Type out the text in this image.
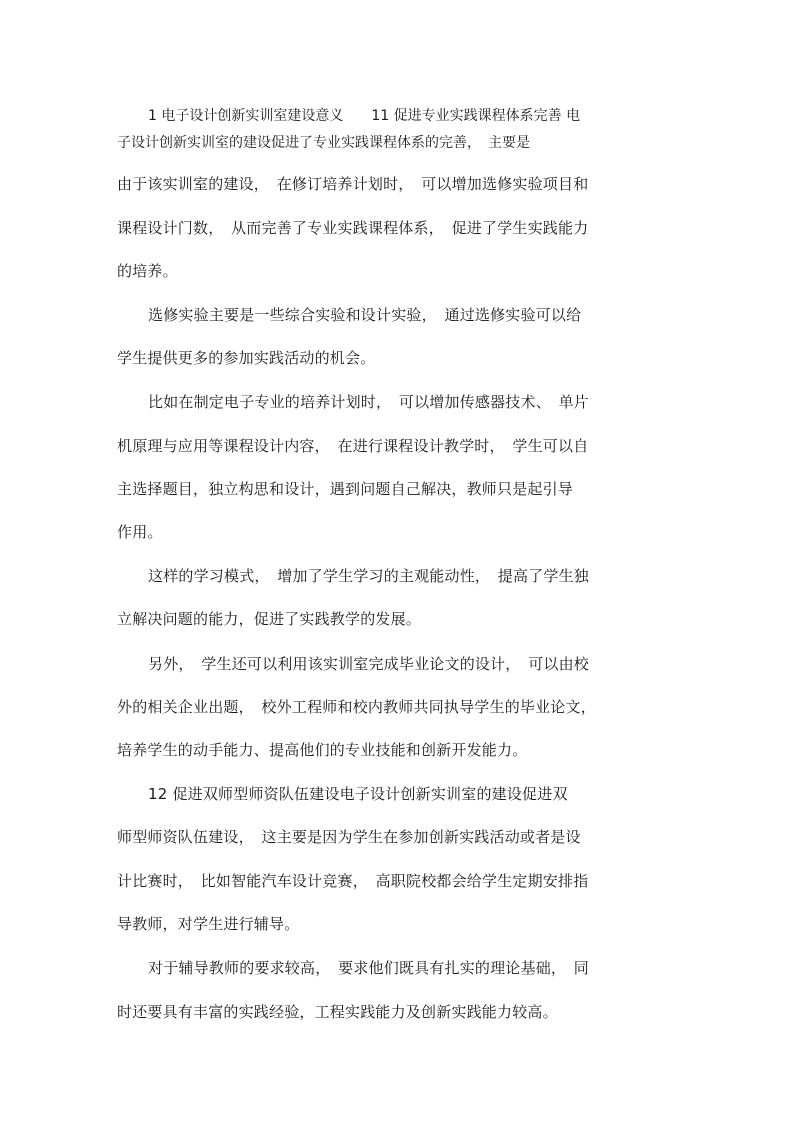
1 电子设计创新实训室建设意义　　11 促进专业实践课程体系完善 电
子设计创新实训室的建设促进了专业实践课程体系的完善，　主要是
由于该实训室的建设，　在修订培养计划时，　可以增加选修实验项目和
课程设计门数，　从而完善了专业实践课程体系，　促进了学生实践能力
的培养。
选修实验主要是一些综合实验和设计实验，　通过选修实验可以给
学生提供更多的参加实践活动的机会。
比如在制定电子专业的培养计划时，　可以增加传感器技术、　单片
机原理与应用等课程设计内容，　在进行课程设计教学时，　学生可以自
主选择题目，独立构思和设计，遇到问题自己解决，教师只是起引导
作用。
这样的学习模式，　增加了学生学习的主观能动性，　提高了学生独
立解决问题的能力，促进了实践教学的发展。
另外，　学生还可以利用该实训室完成毕业论文的设计，　可以由校
外的相关企业出题，　校外工程师和校内教师共同执导学生的毕业论文，
培养学生的动手能力、提高他们的专业技能和创新开发能力。
12 促进双师型师资队伍建设电子设计创新实训室的建设促进双
师型师资队伍建设，　这主要是因为学生在参加创新实践活动或者是设
计比赛时，　比如智能汽车设计竞赛，　高职院校都会给学生定期安排指
导教师，对学生进行辅导。
对于辅导教师的要求较高，　要求他们既具有扎实的理论基础，　同
时还要具有丰富的实践经验，工程实践能力及创新实践能力较高。
